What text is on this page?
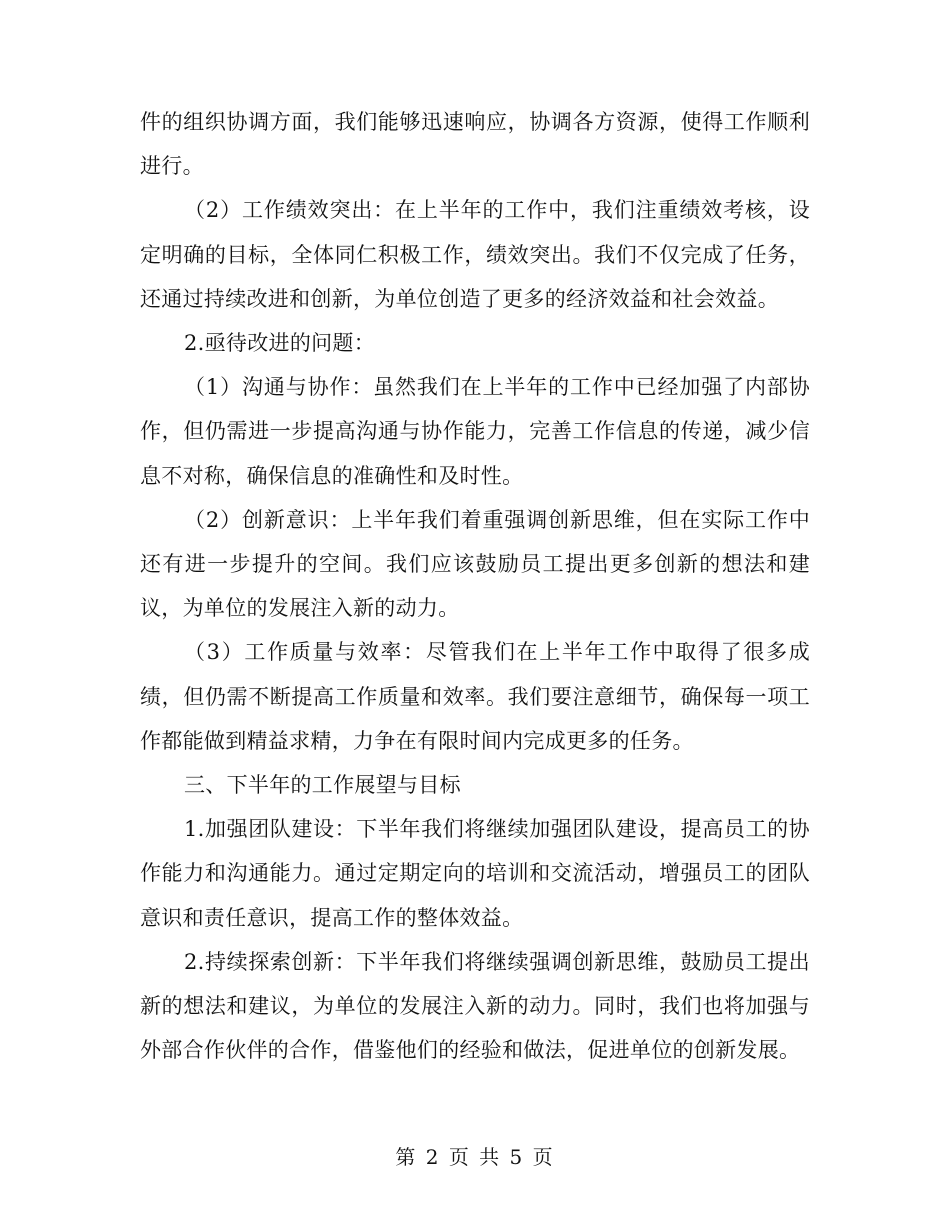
件的组织协调方面，我们能够迅速响应，协调各方资源，使得工作顺利进行。

（2）工作绩效突出：在上半年的工作中，我们注重绩效考核，设定明确的目标，全体同仁积极工作，绩效突出。我们不仅完成了任务，还通过持续改进和创新，为单位创造了更多的经济效益和社会效益。

2.亟待改进的问题：

（1）沟通与协作：虽然我们在上半年的工作中已经加强了内部协作，但仍需进一步提高沟通与协作能力，完善工作信息的传递，减少信息不对称，确保信息的准确性和及时性。

（2）创新意识：上半年我们着重强调创新思维，但在实际工作中还有进一步提升的空间。我们应该鼓励员工提出更多创新的想法和建议，为单位的发展注入新的动力。

（3）工作质量与效率：尽管我们在上半年工作中取得了很多成绩，但仍需不断提高工作质量和效率。我们要注意细节，确保每一项工作都能做到精益求精，力争在有限时间内完成更多的任务。

三、下半年的工作展望与目标

1.加强团队建设：下半年我们将继续加强团队建设，提高员工的协作能力和沟通能力。通过定期定向的培训和交流活动，增强员工的团队意识和责任意识，提高工作的整体效益。

2.持续探索创新：下半年我们将继续强调创新思维，鼓励员工提出新的想法和建议，为单位的发展注入新的动力。同时，我们也将加强与外部合作伙伴的合作，借鉴他们的经验和做法，促进单位的创新发展。

第 2 页 共 5 页
